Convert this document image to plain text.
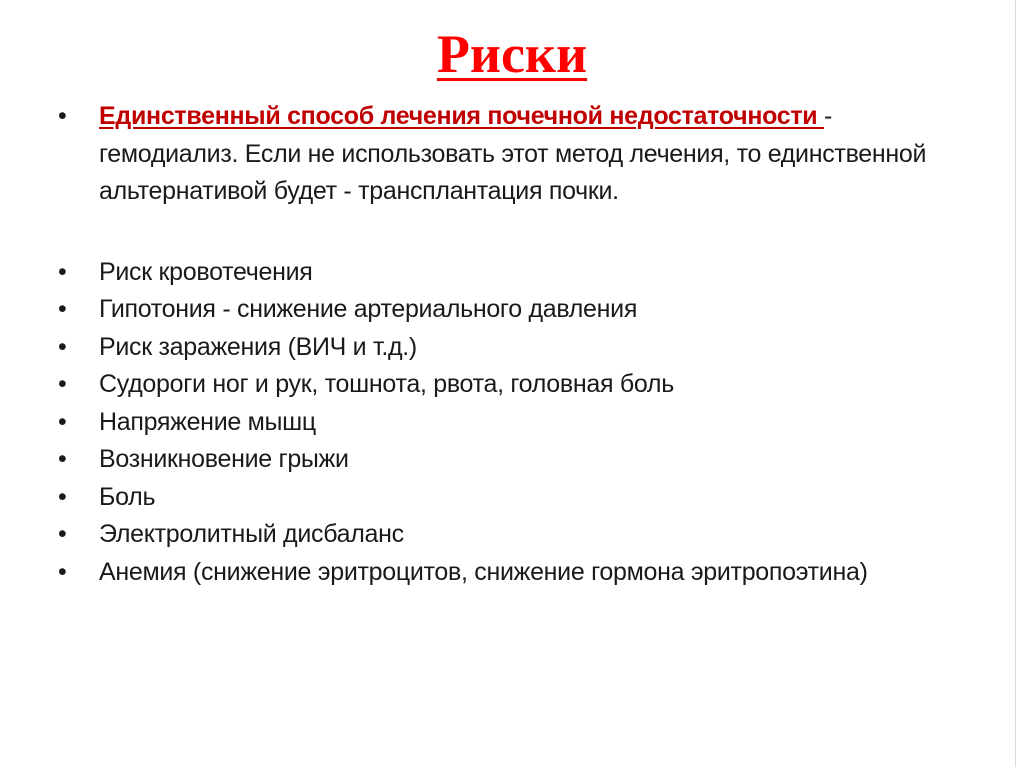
Риски
•	Единственный способ лечения почечной недостаточности - гемодиализ. Если не использовать этот метод лечения, то единственной альтернативой будет - трансплантация почки.
•	Риск кровотечения
•	Гипотония - снижение артериального давления
•	Риск заражения (ВИЧ и т.д.)
•	Судороги ног и рук, тошнота, рвота, головная боль
•	Напряжение мышц
•	Возникновение грыжи
•	Боль
•	Электролитный дисбаланс
•	Анемия (снижение эритроцитов, снижение гормона эритропоэтина)
